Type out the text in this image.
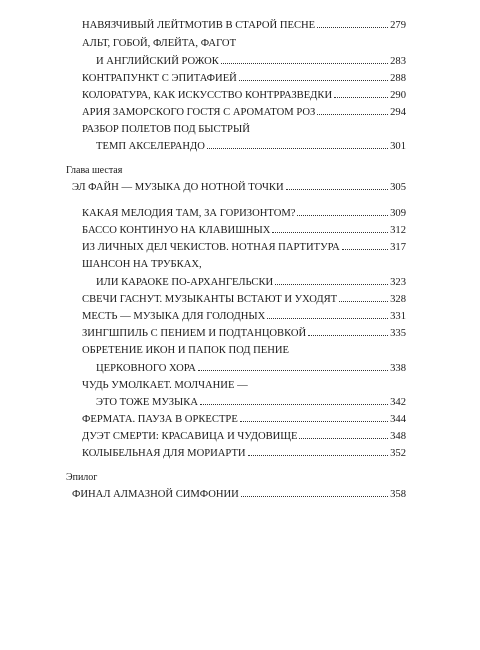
НАВЯЗЧИВЫЙ ЛЕЙТМОТИВ В СТАРОЙ ПЕСНЕ	279
АЛЬТ, ГОБОЙ, ФЛЕЙТА, ФАГОТ
И АНГЛИЙСКИЙ РОЖОК	283
КОНТРАПУНКТ С ЭПИТАФИЕЙ	288
КОЛОРАТУРА, КАК ИСКУССТВО КОНТРРАЗВЕДКИ	290
АРИЯ ЗАМОРСКОГО ГОСТЯ С АРОМАТОМ РОЗ	294
РАЗБОР ПОЛЕТОВ ПОД БЫСТРЫЙ
ТЕМП АКСЕЛЕРАНДО	301
Глава шестая
ЭЛ ФАЙН — МУЗЫКА ДО НОТНОЙ ТОЧКИ	305
КАКАЯ МЕЛОДИЯ ТАМ, ЗА ГОРИЗОНТОМ?	309
БАССО КОНТИНУО НА КЛАВИШНЫХ	312
ИЗ ЛИЧНЫХ ДЕЛ ЧЕКИСТОВ. НОТНАЯ ПАРТИТУРА	317
ШАНСОН НА ТРУБКАХ,
ИЛИ КАРАОКЕ ПО-АРХАНГЕЛЬСКИ	323
СВЕЧИ ГАСНУТ. МУЗЫКАНТЫ ВСТАЮТ И УХОДЯТ	328
МЕСТЬ — МУЗЫКА ДЛЯ ГОЛОДНЫХ	331
ЗИНГШПИЛЬ С ПЕНИЕМ И ПОДТАНЦОВКОЙ	335
ОБРЕТЕНИЕ ИКОН И ПАПОК ПОД ПЕНИЕ
ЦЕРКОВНОГО ХОРА	338
ЧУДЬ УМОЛКАЕТ. МОЛЧАНИЕ —
ЭТО ТОЖЕ МУЗЫКА	342
ФЕРМАТА. ПАУЗА В ОРКЕСТРЕ	344
ДУЭТ СМЕРТИ: КРАСАВИЦА И ЧУДОВИЩЕ	348
КОЛЫБЕЛЬНАЯ ДЛЯ МОРИАРТИ	352
Эпилог
ФИНАЛ АЛМАЗНОЙ СИМФОНИИ	358
